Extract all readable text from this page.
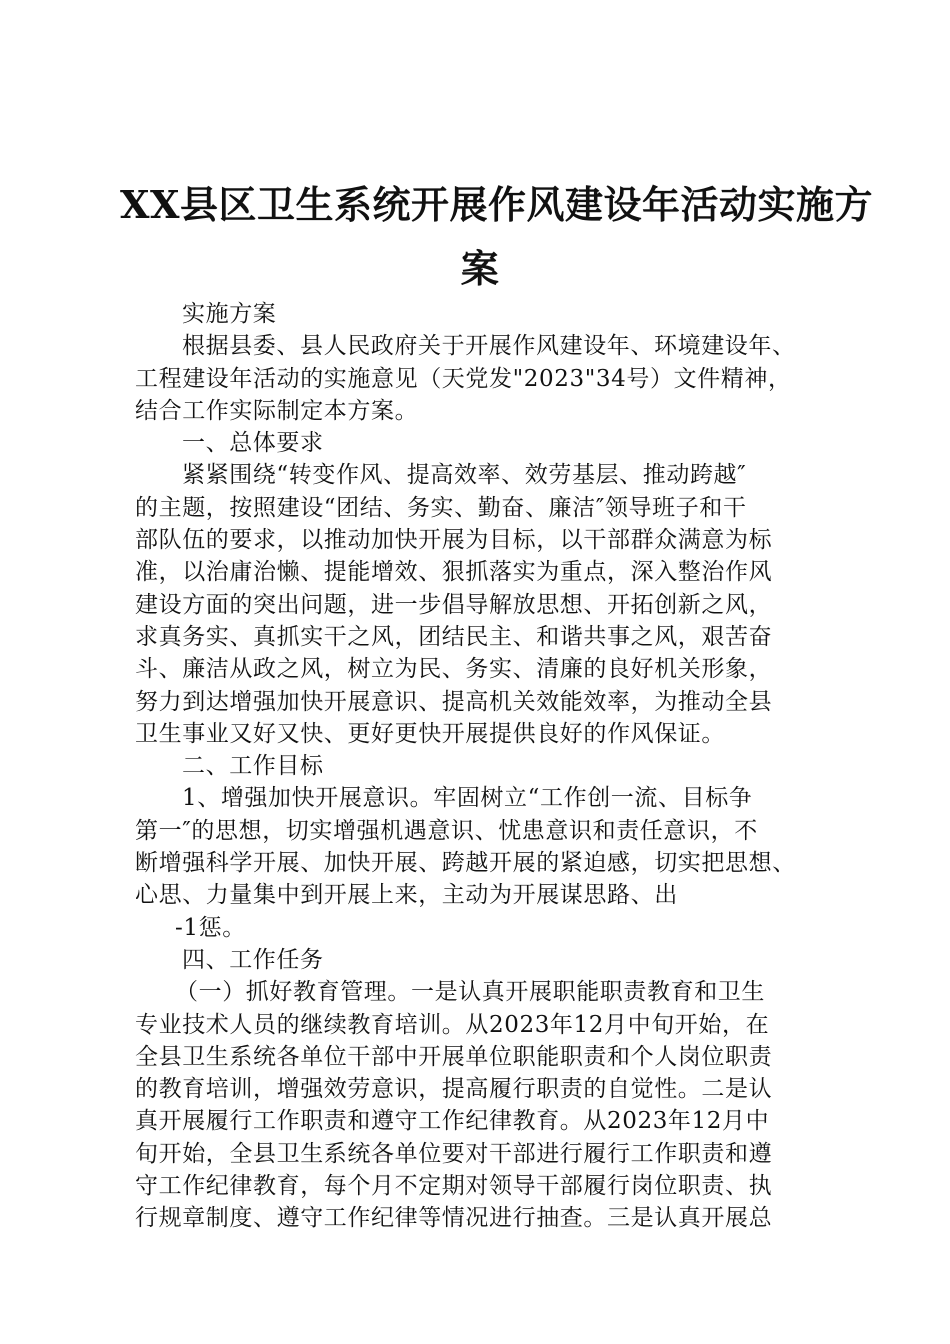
XX县区卫生系统开展作风建设年活动实施方
案
实施方案
根据县委、县人民政府关于开展作风建设年、环境建设年、
工程建设年活动的实施意见（天党发"2023"34号）文件精神，
结合工作实际制定本方案。
一、总体要求
紧紧围绕“转变作风、提高效率、效劳基层、推动跨越″
的主题，按照建设“团结、务实、勤奋、廉洁″领导班子和干
部队伍的要求，以推动加快开展为目标，以干部群众满意为标
准，以治庸治懒、提能增效、狠抓落实为重点，深入整治作风
建设方面的突出问题，进一步倡导解放思想、开拓创新之风，
求真务实、真抓实干之风，团结民主、和谐共事之风，艰苦奋
斗、廉洁从政之风，树立为民、务实、清廉的良好机关形象，
努力到达增强加快开展意识、提高机关效能效率，为推动全县
卫生事业又好又快、更好更快开展提供良好的作风保证。
二、工作目标
1、增强加快开展意识。牢固树立“工作创一流、目标争
第一″的思想，切实增强机遇意识、忧患意识和责任意识，不
断增强科学开展、加快开展、跨越开展的紧迫感，切实把思想、
心思、力量集中到开展上来，主动为开展谋思路、出
-1惩。
四、工作任务
（一）抓好教育管理。一是认真开展职能职责教育和卫生
专业技术人员的继续教育培训。从2023年12月中旬开始，在
全县卫生系统各单位干部中开展单位职能职责和个人岗位职责
的教育培训，增强效劳意识，提高履行职责的自觉性。二是认
真开展履行工作职责和遵守工作纪律教育。从2023年12月中
旬开始，全县卫生系统各单位要对干部进行履行工作职责和遵
守工作纪律教育，每个月不定期对领导干部履行岗位职责、执
行规章制度、遵守工作纪律等情况进行抽查。三是认真开展总
